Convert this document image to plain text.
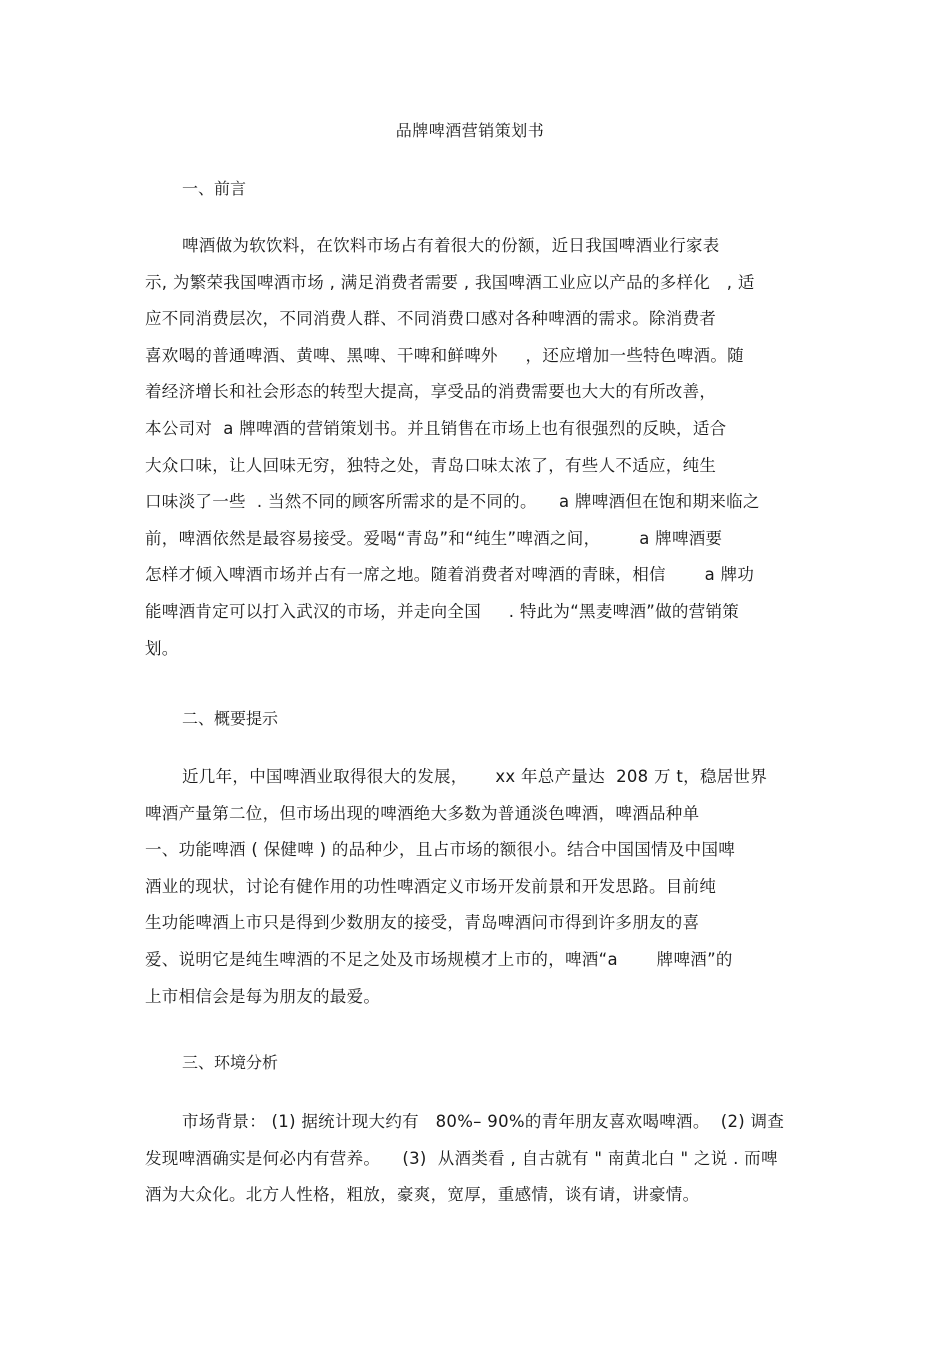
品牌啤酒营销策划书
一、前言
啤酒做为软饮料，在饮料市场占有着很大的份额，近日我国啤酒业行家表
示, 为繁荣我国啤酒市场 , 满足消费者需要 , 我国啤酒工业应以产品的多样化   , 适
应不同消费层次，不同消费人群、不同消费口感对各种啤酒的需求。除消费者
喜欢喝的普通啤酒、黄啤、黑啤、干啤和鲜啤外     ，还应增加一些特色啤酒。随
着经济增长和社会形态的转型大提高，享受品的消费需要也大大的有所改善，
本公司对  a 牌啤酒的营销策划书。并且销售在市场上也有很强烈的反映，适合
大众口味，让人回味无穷，独特之处，青岛口味太浓了，有些人不适应，纯生
口味淡了一些  . 当然不同的顾客所需求的是不同的。    a 牌啤酒但在饱和期来临之
前，啤酒依然是最容易接受。爱喝“青岛”和“纯生”啤酒之间，       a 牌啤酒要
怎样才倾入啤酒市场并占有一席之地。随着消费者对啤酒的青睐，相信       a 牌功
能啤酒肯定可以打入武汉的市场，并走向全国     . 特此为“黑麦啤酒”做的营销策
划。
二、概要提示
近几年，中国啤酒业取得很大的发展，     xx 年总产量达  208 万 t，稳居世界
啤酒产量第二位，但市场出现的啤酒绝大多数为普通淡色啤酒，啤酒品种单
一、功能啤酒 ( 保健啤 ) 的品种少，且占市场的额很小。结合中国国情及中国啤
酒业的现状，讨论有健作用的功性啤酒定义市场开发前景和开发思路。目前纯
生功能啤酒上市只是得到少数朋友的接受，青岛啤酒问市得到许多朋友的喜
爱、说明它是纯生啤酒的不足之处及市场规模才上市的，啤酒“a       牌啤酒”的
上市相信会是每为朋友的最爱。
三、环境分析
市场背景： (1) 据统计现大约有   80%– 90%的青年朋友喜欢喝啤酒。  (2) 调查
发现啤酒确实是何必内有营养。    (3)  从酒类看 , 自古就有 " 南黄北白 " 之说 . 而啤
酒为大众化。北方人性格，粗放，豪爽，宽厚，重感情，谈有请，讲豪情。
